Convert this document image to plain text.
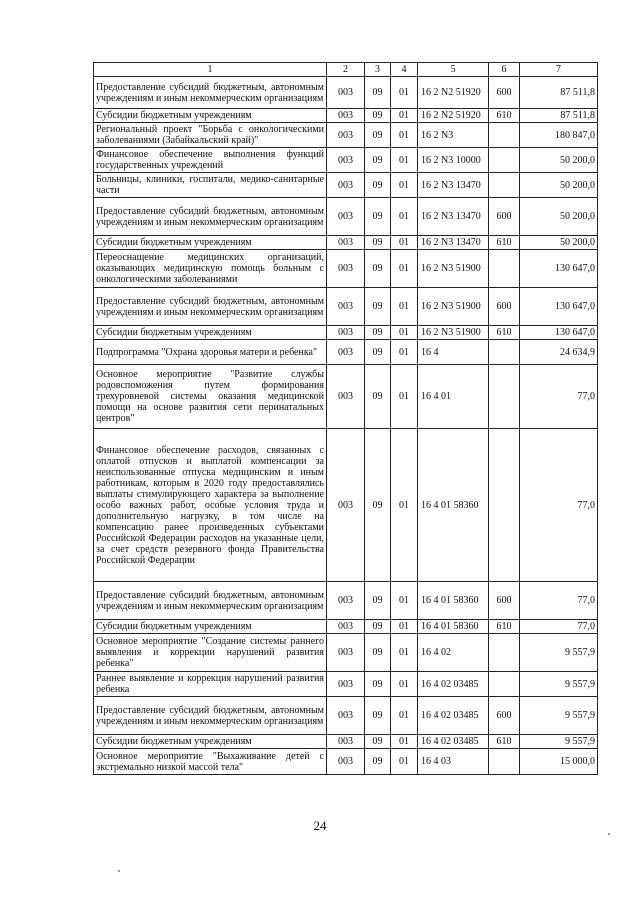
1	2	3	4	5	6	7
Предоставление субсидий бюджетным, автономным учреждениям и иным некоммерческим организациям	003	09	01	16 2 N2 51920	600	87 511,8
Субсидии бюджетным учреждениям	003	09	01	16 2 N2 51920	610	87 511,8
Региональный проект "Борьба с онкологическими заболеваниями (Забайкальский край)"	003	09	01	16 2 N3		180 847,0
Финансовое обеспечение выполнения функций государственных учреждений	003	09	01	16 2 N3 10000		50 200,0
Больницы, клиники, госпитали, медико-санитарные части	003	09	01	16 2 N3 13470		50 200,0
Предоставление субсидий бюджетным, автономным учреждениям и иным некоммерческим организациям	003	09	01	16 2 N3 13470	600	50 200,0
Субсидии бюджетным учреждениям	003	09	01	16 2 N3 13470	610	50 200,0
Переоснащение медицинских организаций, оказывающих медицинскую помощь больным с онкологическими заболеваниями	003	09	01	16 2 N3 51900		130 647,0
Предоставление субсидий бюджетным, автономным учреждениям и иным некоммерческим организациям	003	09	01	16 2 N3 51900	600	130 647,0
Субсидии бюджетным учреждениям	003	09	01	16 2 N3 51900	610	130 647,0
Подпрограмма "Охрана здоровья матери и ребенка"	003	09	01	16 4		24 634,9
Основное мероприятие "Развитие службы родовспоможения путем формирования трехуровневой системы оказания медицинской помощи на основе развития сети перинатальных центров"	003	09	01	16 4 01		77,0
Финансовое обеспечение расходов, связанных с оплатой отпусков и выплатой компенсации за неиспользованные отпуска медицинским и иным работникам, которым в 2020 году предоставлялись выплаты стимулирующего характера за выполнение особо важных работ, особые условия труда и дополнительную нагрузку, в том числе на компенсацию ранее произведенных субъектами Российской Федерации расходов на указанные цели, за счет средств резервного фонда Правительства Российской Федерации	003	09	01	16 4 01 58360		77,0
Предоставление субсидий бюджетным, автономным учреждениям и иным некоммерческим организациям	003	09	01	16 4 01 58360	600	77,0
Субсидии бюджетным учреждениям	003	09	01	16 4 01 58360	610	77,0
Основное мероприятие "Создание системы раннего выявления и коррекции нарушений развития ребенка"	003	09	01	16 4 02		9 557,9
Раннее выявление и коррекция нарушений развития ребенка	003	09	01	16 4 02 03485		9 557,9
Предоставление субсидий бюджетным, автономным учреждениям и иным некоммерческим организациям	003	09	01	16 4 02 03485	600	9 557,9
Субсидии бюджетным учреждениям	003	09	01	16 4 02 03485	610	9 557,9
Основное мероприятие "Выхаживание детей с экстремально низкой массой тела"	003	09	01	16 4 03		15 000,0
24
